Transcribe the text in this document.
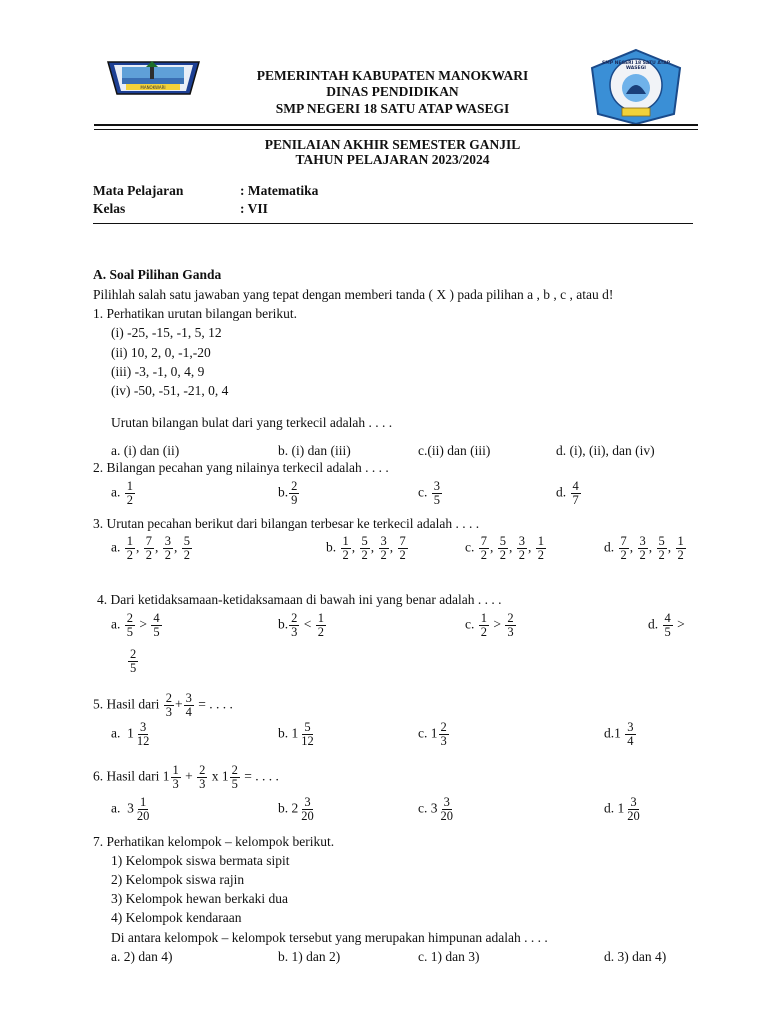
MANOKWARI
SMP NEGERI 18 SATU ATAP
WASEGI
PEMERINTAH KABUPATEN MANOKWARI
DINAS PENDIDIKAN
SMP NEGERI 18 SATU ATAP WASEGI
PENILAIAN AKHIR SEMESTER GANJIL
TAHUN PELAJARAN 2023/2024
Mata Pelajaran	: Matematika
Kelas	: VII
A. Soal Pilihan Ganda
Pilihlah salah satu jawaban yang tepat dengan memberi tanda ( X ) pada pilihan a , b , c , atau d!
1. Perhatikan urutan bilangan berikut.
(i) -25, -15, -1, 5, 12
(ii) 10, 2, 0, -1,-20
(iii) -3, -1, 0, 4, 9
(iv) -50, -51, -21, 0, 4
Urutan bilangan bulat dari yang terkecil adalah . . . .
a. (i) dan (ii)	b. (i) dan (iii)	c.(ii) dan (iii)	d. (i), (ii), dan (iv)
2. Bilangan pecahan yang nilainya terkecil adalah . . . .
a. $\frac{1}{2}$	b. $\frac{2}{9}$	c. $\frac{3}{5}$	d. $\frac{4}{7}$
3. Urutan pecahan berikut dari bilangan terbesar ke terkecil adalah . . . .
a. $\frac{1}{2}$ , $\frac{7}{2}$ , $\frac{3}{2}$ , $\frac{5}{2}$	b. $\frac{1}{2}$ , $\frac{5}{2}$ , $\frac{3}{2}$ , $\frac{7}{2}$	c. $\frac{7}{2}$ , $\frac{5}{2}$ , $\frac{3}{2}$ , $\frac{1}{2}$	d. $\frac{7}{2}$ , $\frac{3}{2}$ , $\frac{5}{2}$ , $\frac{1}{2}$
4. Dari ketidaksamaan-ketidaksamaan di bawah ini yang benar adalah . . . .
a. $\frac{2}{5} > \frac{4}{5}$	b. $\frac{2}{3} < \frac{1}{2}$	c. $\frac{1}{2} > \frac{2}{3}$	d. $\frac{4}{5}$ >
$\frac{2}{5}$
5. Hasil dari $\frac{2}{3} + \frac{3}{4}$ = . . . .
a. $1 \frac{3}{12}$	b. $1 \frac{5}{12}$	c. $1 \frac{2}{3}$	$d.1 \frac{3}{4}$
6. Hasil dari $1 \frac{1}{3} + \frac{2}{3}$ x $1 \frac{2}{5}$ = . . . .
a. $3 \frac{1}{20}$	b. $2 \frac{3}{20}$	c. $3 \frac{3}{20}$	d. $1 \frac{3}{20}$
7. Perhatikan kelompok – kelompok berikut.
1) Kelompok siswa bermata sipit
2) Kelompok siswa rajin
3) Kelompok hewan berkaki dua
4) Kelompok kendaraan
Di antara kelompok – kelompok tersebut yang merupakan himpunan adalah . . . .
a. 2) dan 4)	b. 1) dan 2)	c. 1) dan 3)	d. 3) dan 4)
